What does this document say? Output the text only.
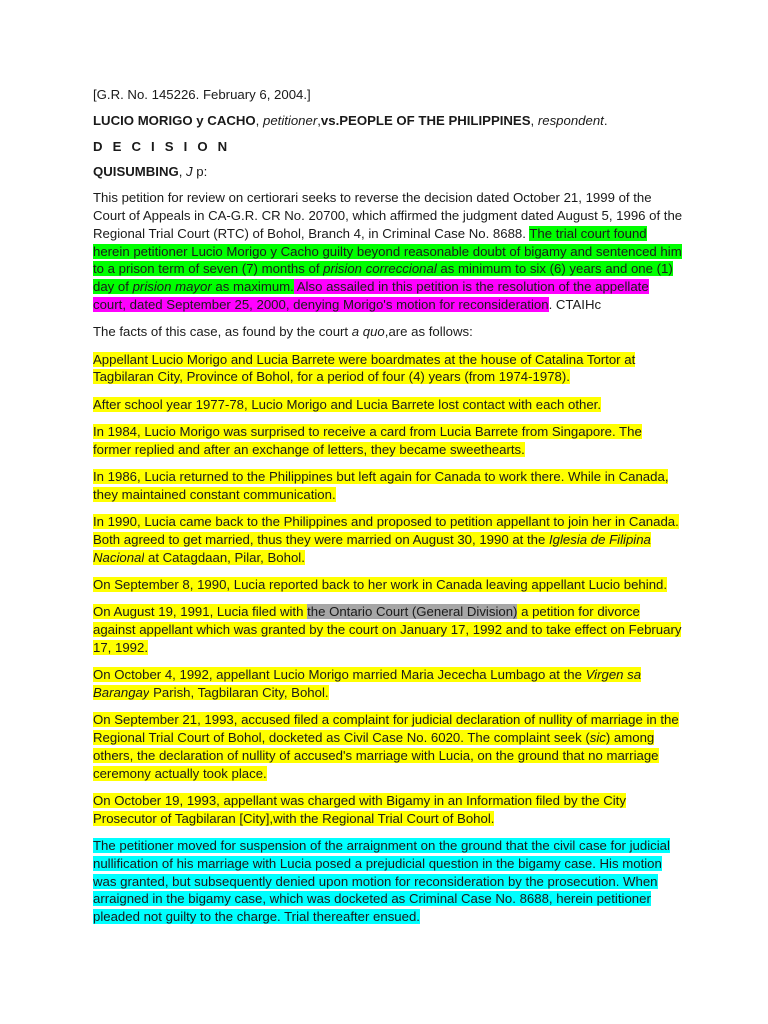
[G.R. No. 145226. February 6, 2004.]

LUCIO MORIGO y CACHO, petitioner,vs.PEOPLE OF THE PHILIPPINES, respondent.

D E C I S I O N

QUISUMBING, J p:

This petition for review on certiorari seeks to reverse the decision dated October 21, 1999 of the Court of Appeals in CA-G.R. CR No. 20700, which affirmed the judgment dated August 5, 1996 of the Regional Trial Court (RTC) of Bohol, Branch 4, in Criminal Case No. 8688. The trial court found herein petitioner Lucio Morigo y Cacho guilty beyond reasonable doubt of bigamy and sentenced him to a prison term of seven (7) months of prision correccional as minimum to six (6) years and one (1) day of prision mayor as maximum. Also assailed in this petition is the resolution of the appellate court, dated September 25, 2000, denying Morigo's motion for reconsideration. CTAIHc

The facts of this case, as found by the court a quo,are as follows:

Appellant Lucio Morigo and Lucia Barrete were boardmates at the house of Catalina Tortor at Tagbilaran City, Province of Bohol, for a period of four (4) years (from 1974-1978).

After school year 1977-78, Lucio Morigo and Lucia Barrete lost contact with each other.

In 1984, Lucio Morigo was surprised to receive a card from Lucia Barrete from Singapore. The former replied and after an exchange of letters, they became sweethearts.

In 1986, Lucia returned to the Philippines but left again for Canada to work there. While in Canada, they maintained constant communication.

In 1990, Lucia came back to the Philippines and proposed to petition appellant to join her in Canada. Both agreed to get married, thus they were married on August 30, 1990 at the Iglesia de Filipina Nacional at Catagdaan, Pilar, Bohol.

On September 8, 1990, Lucia reported back to her work in Canada leaving appellant Lucio behind.

On August 19, 1991, Lucia filed with the Ontario Court (General Division) a petition for divorce against appellant which was granted by the court on January 17, 1992 and to take effect on February 17, 1992.

On October 4, 1992, appellant Lucio Morigo married Maria Jececha Lumbago at the Virgen sa Barangay Parish, Tagbilaran City, Bohol.

On September 21, 1993, accused filed a complaint for judicial declaration of nullity of marriage in the Regional Trial Court of Bohol, docketed as Civil Case No. 6020. The complaint seek (sic) among others, the declaration of nullity of accused's marriage with Lucia, on the ground that no marriage ceremony actually took place.

On October 19, 1993, appellant was charged with Bigamy in an Information filed by the City Prosecutor of Tagbilaran [City],with the Regional Trial Court of Bohol.

The petitioner moved for suspension of the arraignment on the ground that the civil case for judicial nullification of his marriage with Lucia posed a prejudicial question in the bigamy case. His motion was granted, but subsequently denied upon motion for reconsideration by the prosecution. When arraigned in the bigamy case, which was docketed as Criminal Case No. 8688, herein petitioner pleaded not guilty to the charge. Trial thereafter ensued.
